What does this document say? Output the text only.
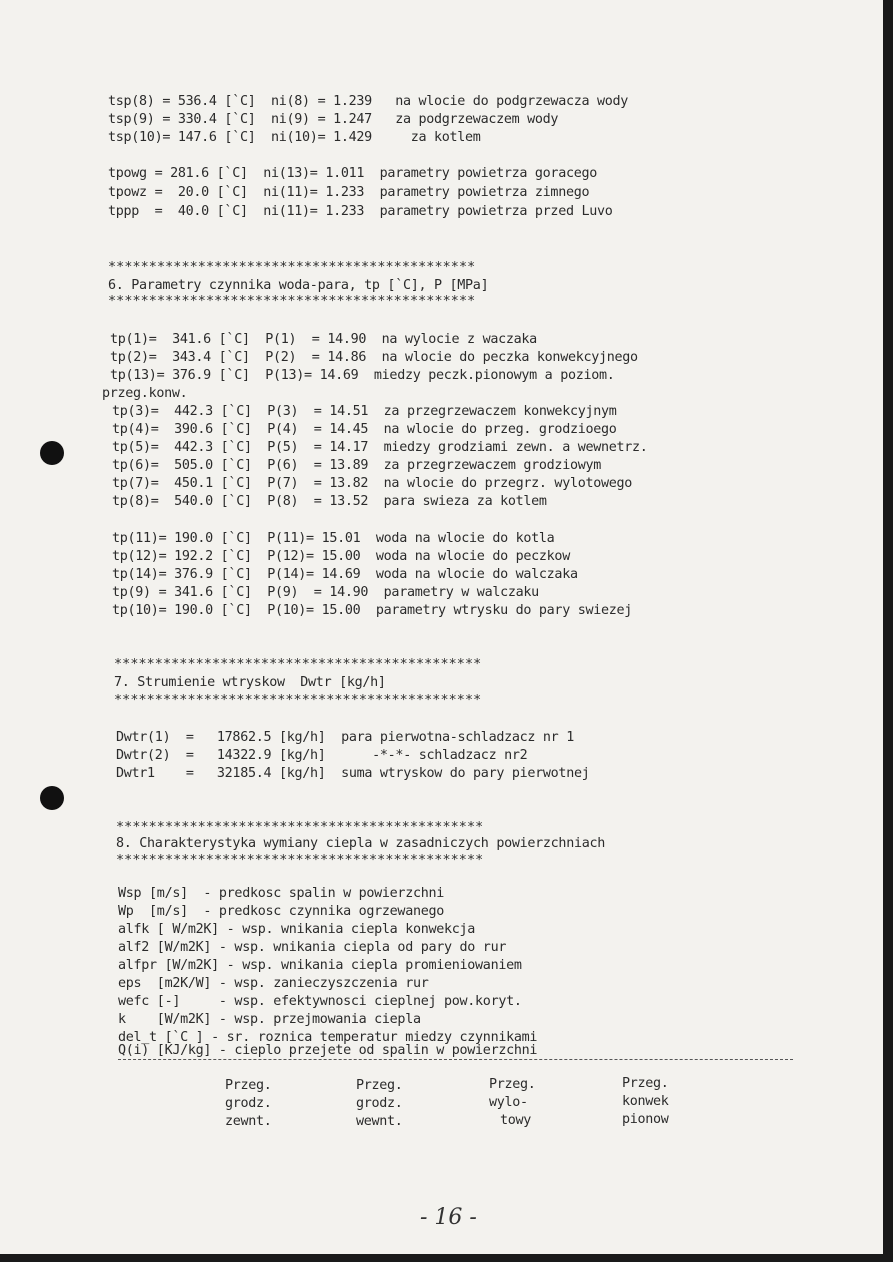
tsp(8) = 536.4 [`C]  ni(8) = 1.239   na wlocie do podgrzewacza wody
tsp(9) = 330.4 [`C]  ni(9) = 1.247   za podgrzewaczem wody
tsp(10)= 147.6 [`C]  ni(10)= 1.429     za kotlem
tpowg = 281.6 [`C]  ni(13)= 1.011  parametry powietrza goracego
tpowz =  20.0 [`C]  ni(11)= 1.233  parametry powietrza zimnego
tppp  =  40.0 [`C]  ni(11)= 1.233  parametry powietrza przed Luvo
*********************************************
6. Parametry czynnika woda-para, tp [`C], P [MPa]
*********************************************
tp(1)=  341.6 [`C]  P(1)  = 14.90  na wylocie z waczaka
tp(2)=  343.4 [`C]  P(2)  = 14.86  na wlocie do peczka konwekcyjnego
tp(13)= 376.9 [`C]  P(13)= 14.69  miedzy peczk.pionowym a poziom.
przeg.konw.
tp(3)=  442.3 [`C]  P(3)  = 14.51  za przegrzewaczem konwekcyjnym
tp(4)=  390.6 [`C]  P(4)  = 14.45  na wlocie do przeg. grodzioego
tp(5)=  442.3 [`C]  P(5)  = 14.17  miedzy grodziami zewn. a wewnetrz.
tp(6)=  505.0 [`C]  P(6)  = 13.89  za przegrzewaczem grodziowym
tp(7)=  450.1 [`C]  P(7)  = 13.82  na wlocie do przegrz. wylotowego
tp(8)=  540.0 [`C]  P(8)  = 13.52  para swieza za kotlem
tp(11)= 190.0 [`C]  P(11)= 15.01  woda na wlocie do kotla
tp(12)= 192.2 [`C]  P(12)= 15.00  woda na wlocie do peczkow
tp(14)= 376.9 [`C]  P(14)= 14.69  woda na wlocie do walczaka
tp(9) = 341.6 [`C]  P(9)  = 14.90  parametry w walczaku
tp(10)= 190.0 [`C]  P(10)= 15.00  parametry wtrysku do pary swiezej
*********************************************
7. Strumienie wtryskow  Dwtr [kg/h]
*********************************************
Dwtr(1)  =   17862.5 [kg/h]  para pierwotna-schladzacz nr 1
Dwtr(2)  =   14322.9 [kg/h]      -*-*- schladzacz nr2
Dwtr1    =   32185.4 [kg/h]  suma wtryskow do pary pierwotnej
*********************************************
8. Charakterystyka wymiany ciepla w zasadniczych powierzchniach
*********************************************
Wsp [m/s]  - predkosc spalin w powierzchni
Wp  [m/s]  - predkosc czynnika ogrzewanego
alfk [ W/m2K] - wsp. wnikania ciepla konwekcja
alf2 [W/m2K] - wsp. wnikania ciepla od pary do rur
alfpr [W/m2K] - wsp. wnikania ciepla promieniowaniem
eps  [m2K/W] - wsp. zanieczyszczenia rur
wefc [-]     - wsp. efektywnosci cieplnej pow.koryt.
k    [W/m2K] - wsp. przejmowania ciepla
del_t [`C ] - sr. roznica temperatur miedzy czynnikami
Q(i) [KJ/kg] - cieplo przejete od spalin w powierzchni
Przeg.
grodz.
zewnt.
Przeg.
grodz.
wewnt.
Przeg.
wylo-
towy
Przeg.
konwek
pionow
- 16 -
